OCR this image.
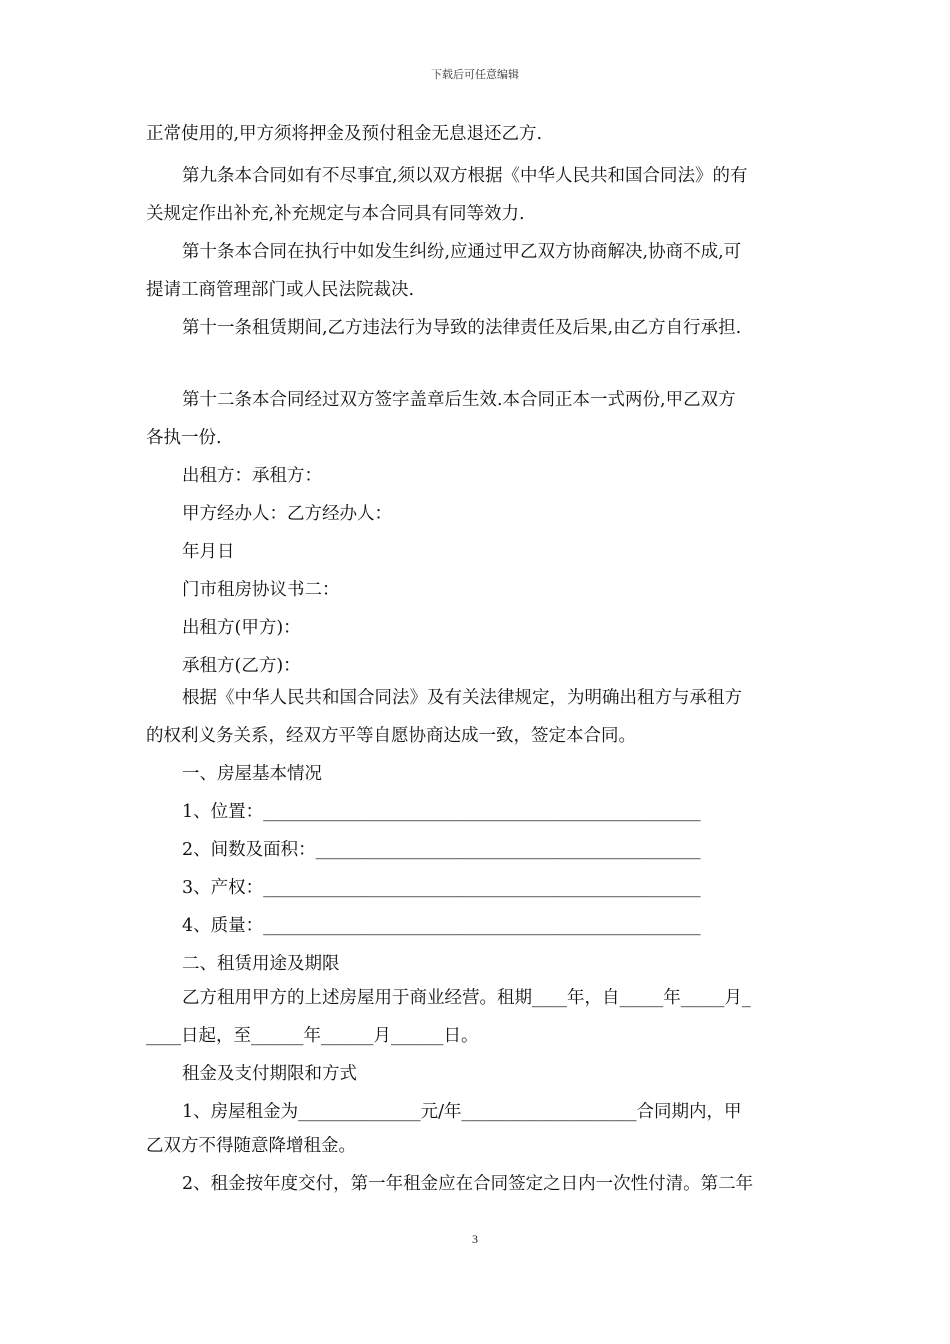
下载后可任意编辑
正常使用的,甲方须将押金及预付租金无息退还乙方.
第九条本合同如有不尽事宜,须以双方根据《中华人民共和国合同法》的有
关规定作出补充,补充规定与本合同具有同等效力.
第十条本合同在执行中如发生纠纷,应通过甲乙双方协商解决,协商不成,可
提请工商管理部门或人民法院裁决.
第十一条租赁期间,乙方违法行为导致的法律责任及后果,由乙方自行承担.
第十二条本合同经过双方签字盖章后生效.本合同正本一式两份,甲乙双方
各执一份.
出租方：承租方：
甲方经办人：乙方经办人：
年月日
门市租房协议书二：
出租方(甲方)：
承租方(乙方)：
根据《中华人民共和国合同法》及有关法律规定，为明确出租方与承租方
的权利义务关系，经双方平等自愿协商达成一致，签定本合同。
一、房屋基本情况
1、位置：__________________________________________________
2、间数及面积：____________________________________________
3、产权：__________________________________________________
4、质量：__________________________________________________
二、租赁用途及期限
乙方租用甲方的上述房屋用于商业经营。租期____年，自_____年_____月_
____日起，至______年______月______日。
租金及支付期限和方式
1、房屋租金为______________元/年____________________合同期内，甲
乙双方不得随意降增租金。
2、租金按年度交付，第一年租金应在合同签定之日内一次性付清。第二年
3
